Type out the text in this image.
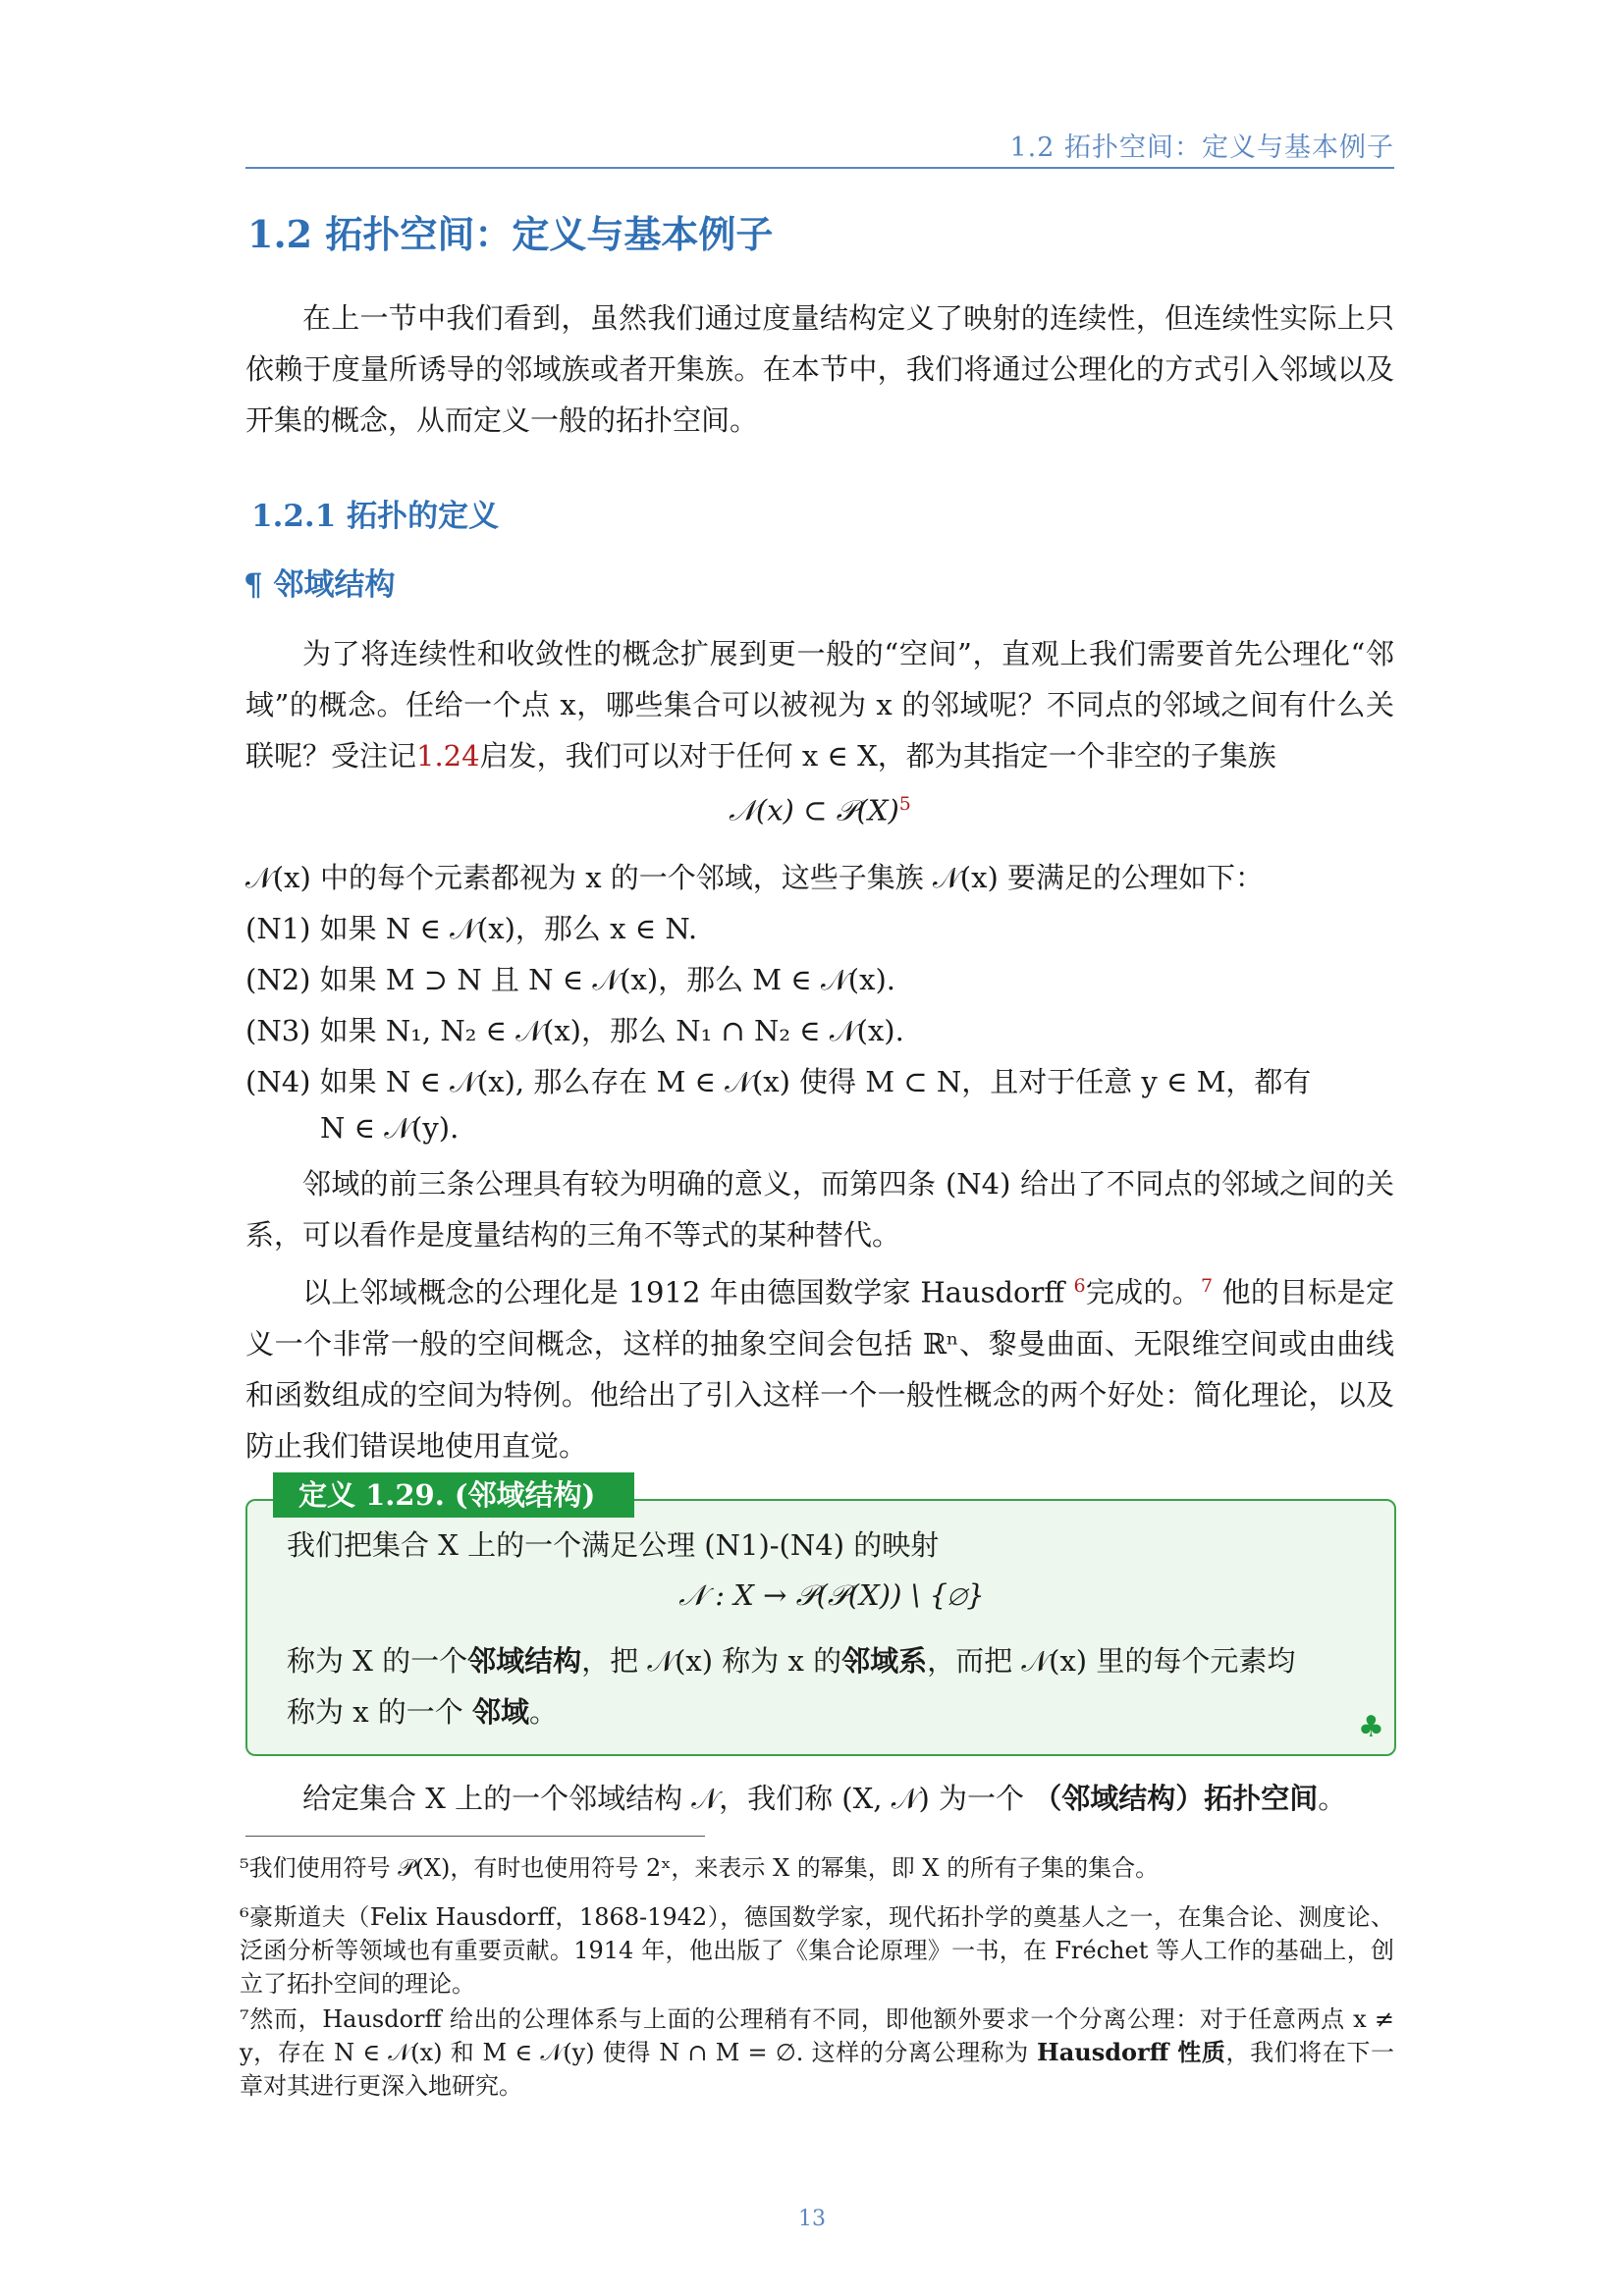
1.2 拓扑空间：定义与基本例子
1.2 拓扑空间：定义与基本例子
在上一节中我们看到，虽然我们通过度量结构定义了映射的连续性，但连续性实际上只依赖于度量所诱导的邻域族或者开集族。在本节中，我们将通过公理化的方式引入邻域以及开集的概念，从而定义一般的拓扑空间。
1.2.1 拓扑的定义
¶ 邻域结构
为了将连续性和收敛性的概念扩展到更一般的“空间”，直观上我们需要首先公理化“邻域”的概念。任给一个点 x，哪些集合可以被视为 x 的邻域呢？不同点的邻域之间有什么关联呢？受注记1.24启发，我们可以对于任何 x ∈ X，都为其指定一个非空的子集族
𝒩(x) ⊂ $𝒫(X)^5$
𝒩(x) 中的每个元素都视为 x 的一个邻域，这些子集族 𝒩(x) 要满足的公理如下：
(N1) 如果 N ∈ 𝒩(x)，那么 x ∈ N.
(N2) 如果 M ⊃ N 且 N ∈ 𝒩(x)，那么 M ∈ 𝒩(x).
(N3) 如果 N₁, N₂ ∈ 𝒩(x)，那么 N₁ ∩ N₂ ∈ 𝒩(x).
(N4) 如果 N ∈ 𝒩(x), 那么存在 M ∈ 𝒩(x) 使得 M ⊂ N，且对于任意 y ∈ M，都有
N ∈ 𝒩(y).
邻域的前三条公理具有较为明确的意义，而第四条 (N4) 给出了不同点的邻域之间的关系，可以看作是度量结构的三角不等式的某种替代。
以上邻域概念的公理化是 1912 年由德国数学家 Hausdorff $^6$完成的。$^7$ 他的目标是定义一个非常一般的空间概念，这样的抽象空间会包括 ℝⁿ、黎曼曲面、无限维空间或由曲线和函数组成的空间为特例。他给出了引入这样一个一般性概念的两个好处：简化理论，以及防止我们错误地使用直觉。
定义 1.29. (邻域结构)
我们把集合 X 上的一个满足公理 (N1)-(N4) 的映射
𝒩 : X → 𝒫(𝒫(X)) \ {∅}
称为 X 的一个邻域结构，把 𝒩(x) 称为 x 的邻域系，而把 𝒩(x) 里的每个元素均
称为 x 的一个 邻域。	♣
给定集合 X 上的一个邻域结构 𝒩，我们称 (X, 𝒩) 为一个 （邻域结构）拓扑空间。
⁵我们使用符号 𝒫(X)，有时也使用符号 2ˣ，来表示 X 的幂集，即 X 的所有子集的集合。
⁶豪斯道夫（Felix Hausdorff，1868-1942），德国数学家，现代拓扑学的奠基人之一，在集合论、测度论、泛函分析等领域也有重要贡献。1914 年，他出版了《集合论原理》一书，在 Fréchet 等人工作的基础上，创立了拓扑空间的理论。
⁷然而，Hausdorff 给出的公理体系与上面的公理稍有不同，即他额外要求一个分离公理：对于任意两点 x ≠ y，存在 N ∈ 𝒩(x) 和 M ∈ 𝒩(y) 使得 N ∩ M = ∅. 这样的分离公理称为 Hausdorff 性质，我们将在下一章对其进行更深入地研究。
13
